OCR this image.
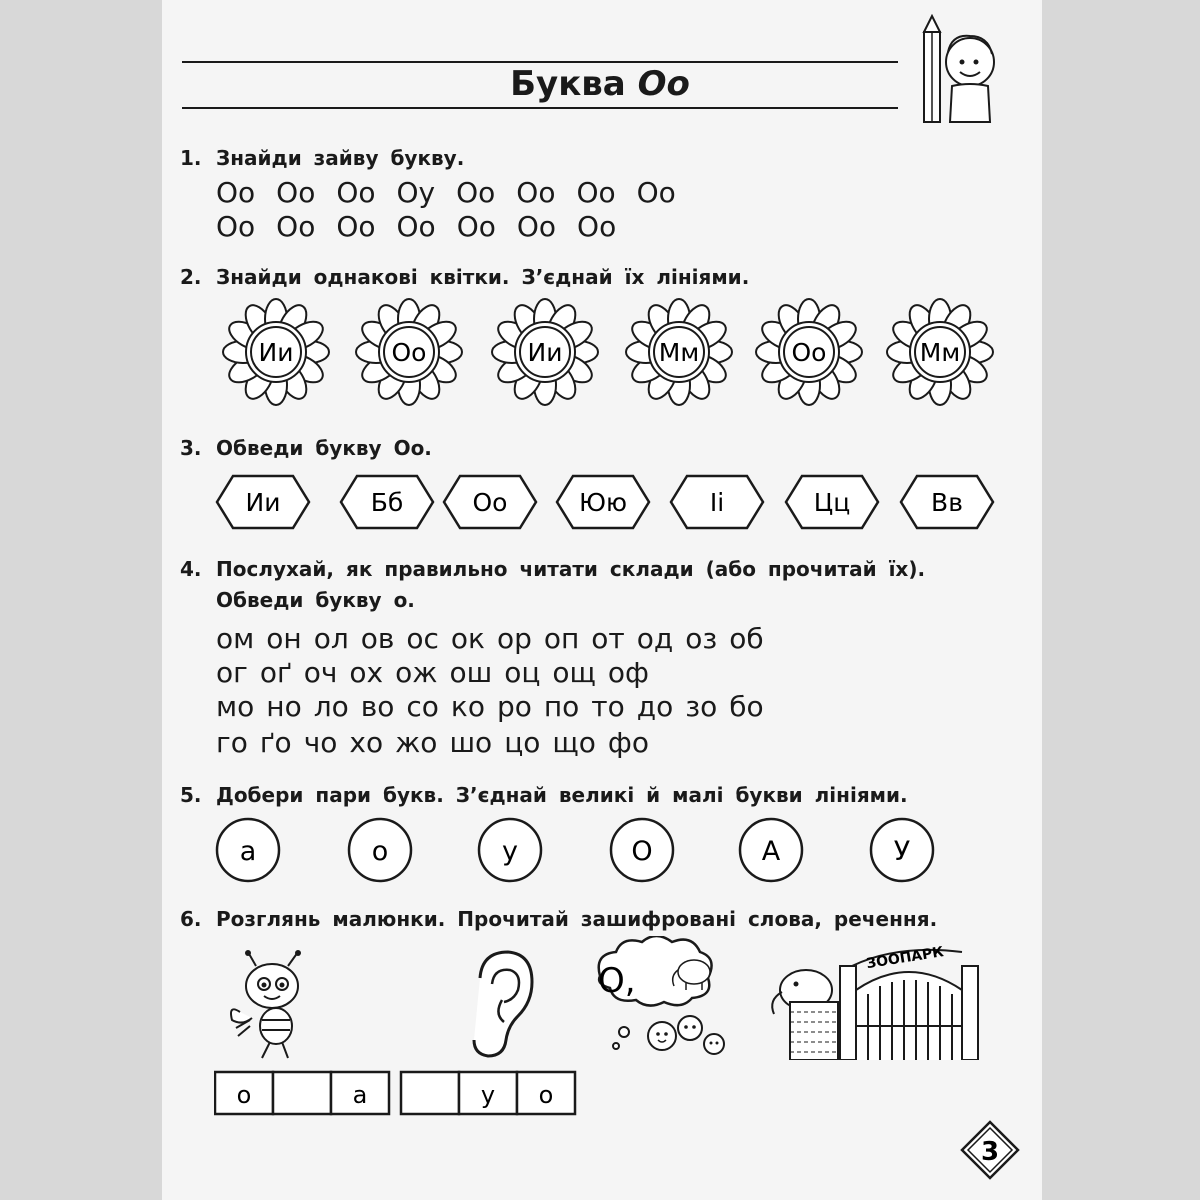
Буква Оо
1. Знайди зайву букву.
Оо Оо Оо Оу Оо Оо Оо Оо
Оо Оо Оо Оо Оо Оо Оо
2. Знайди однакові квітки. З’єднай їх лініями.
Ии	Оо	Ии	Мм	Оо	Мм
3. Обведи букву Оо.
Ии	Бб	Оо	Юю	Іі	Цц	Вв
4. Послухай, як правильно читати склади (або прочитай їх).
Обведи букву о.
ом он ол ов ос ок ор оп от од оз об
ог оґ оч ох ож ош оц ощ оф
мо но ло во со ко ро по то до зо бо
го ґо чо хо жо шо цо що фо
5. Добери пари букв. З’єднай великі й малі букви лініями.
а	о	у	О	А	У
6. Розглянь малюнки. Прочитай зашифровані слова, речення.
О,
ЗООПАРК
о	а	у о
3
